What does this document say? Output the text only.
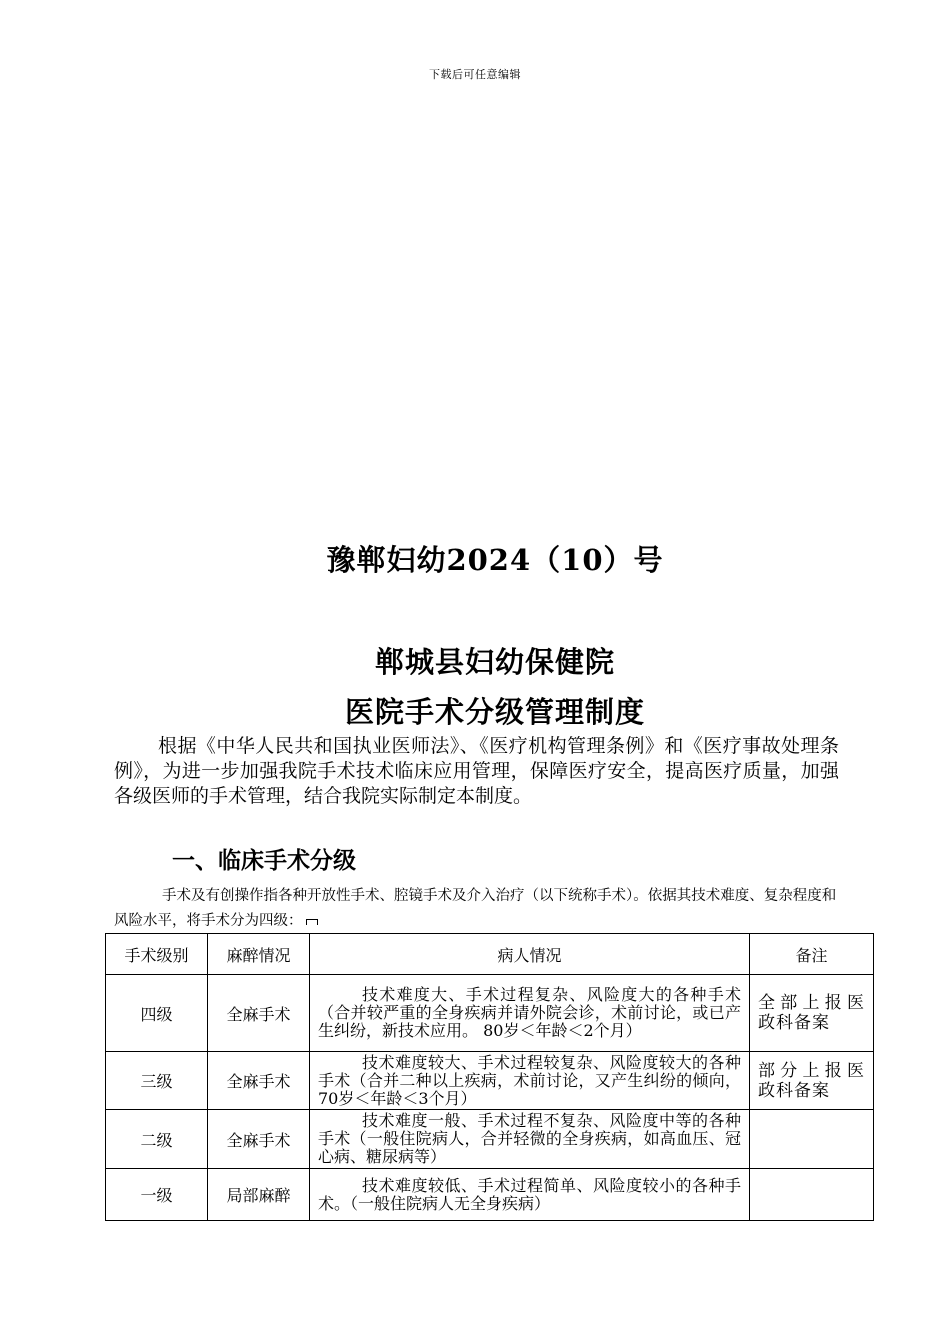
下载后可任意编辑
豫郸妇幼2024（10）号
郸城县妇幼保健院
医院手术分级管理制度

根据《中华人民共和国执业医师法》、《医疗机构管理条例》和《医疗事故处理条例》，为进一步加强我院手术技术临床应用管理，保障医疗安全，提高医疗质量，加强各级医师的手术管理，结合我院实际制定本制度。

一、临床手术分级

手术及有创操作指各种开放性手术、腔镜手术及介入治疗（以下统称手术）。依据其技术难度、复杂程度和风险水平，将手术分为四级：

手术级别	麻醉情况	病人情况	备注
四级	全麻手术	技术难度大、手术过程复杂、风险度大的各种手术（合并较严重的全身疾病并请外院会诊，术前讨论，或已产生纠纷，新技术应用。 80岁＜年龄＜2个月）	全部上报医政科备案
三级	全麻手术	技术难度较大、手术过程较复杂、风险度较大的各种手术（合并二种以上疾病，术前讨论，又产生纠纷的倾向，70岁＜年龄＜3个月）	部分上报医政科备案
二级	全麻手术	技术难度一般、手术过程不复杂、风险度中等的各种手术（一般住院病人，合并轻微的全身疾病，如高血压、冠心病、糖尿病等）	
一级	局部麻醉	技术难度较低、手术过程简单、风险度较小的各种手术。（一般住院病人无全身疾病）	
